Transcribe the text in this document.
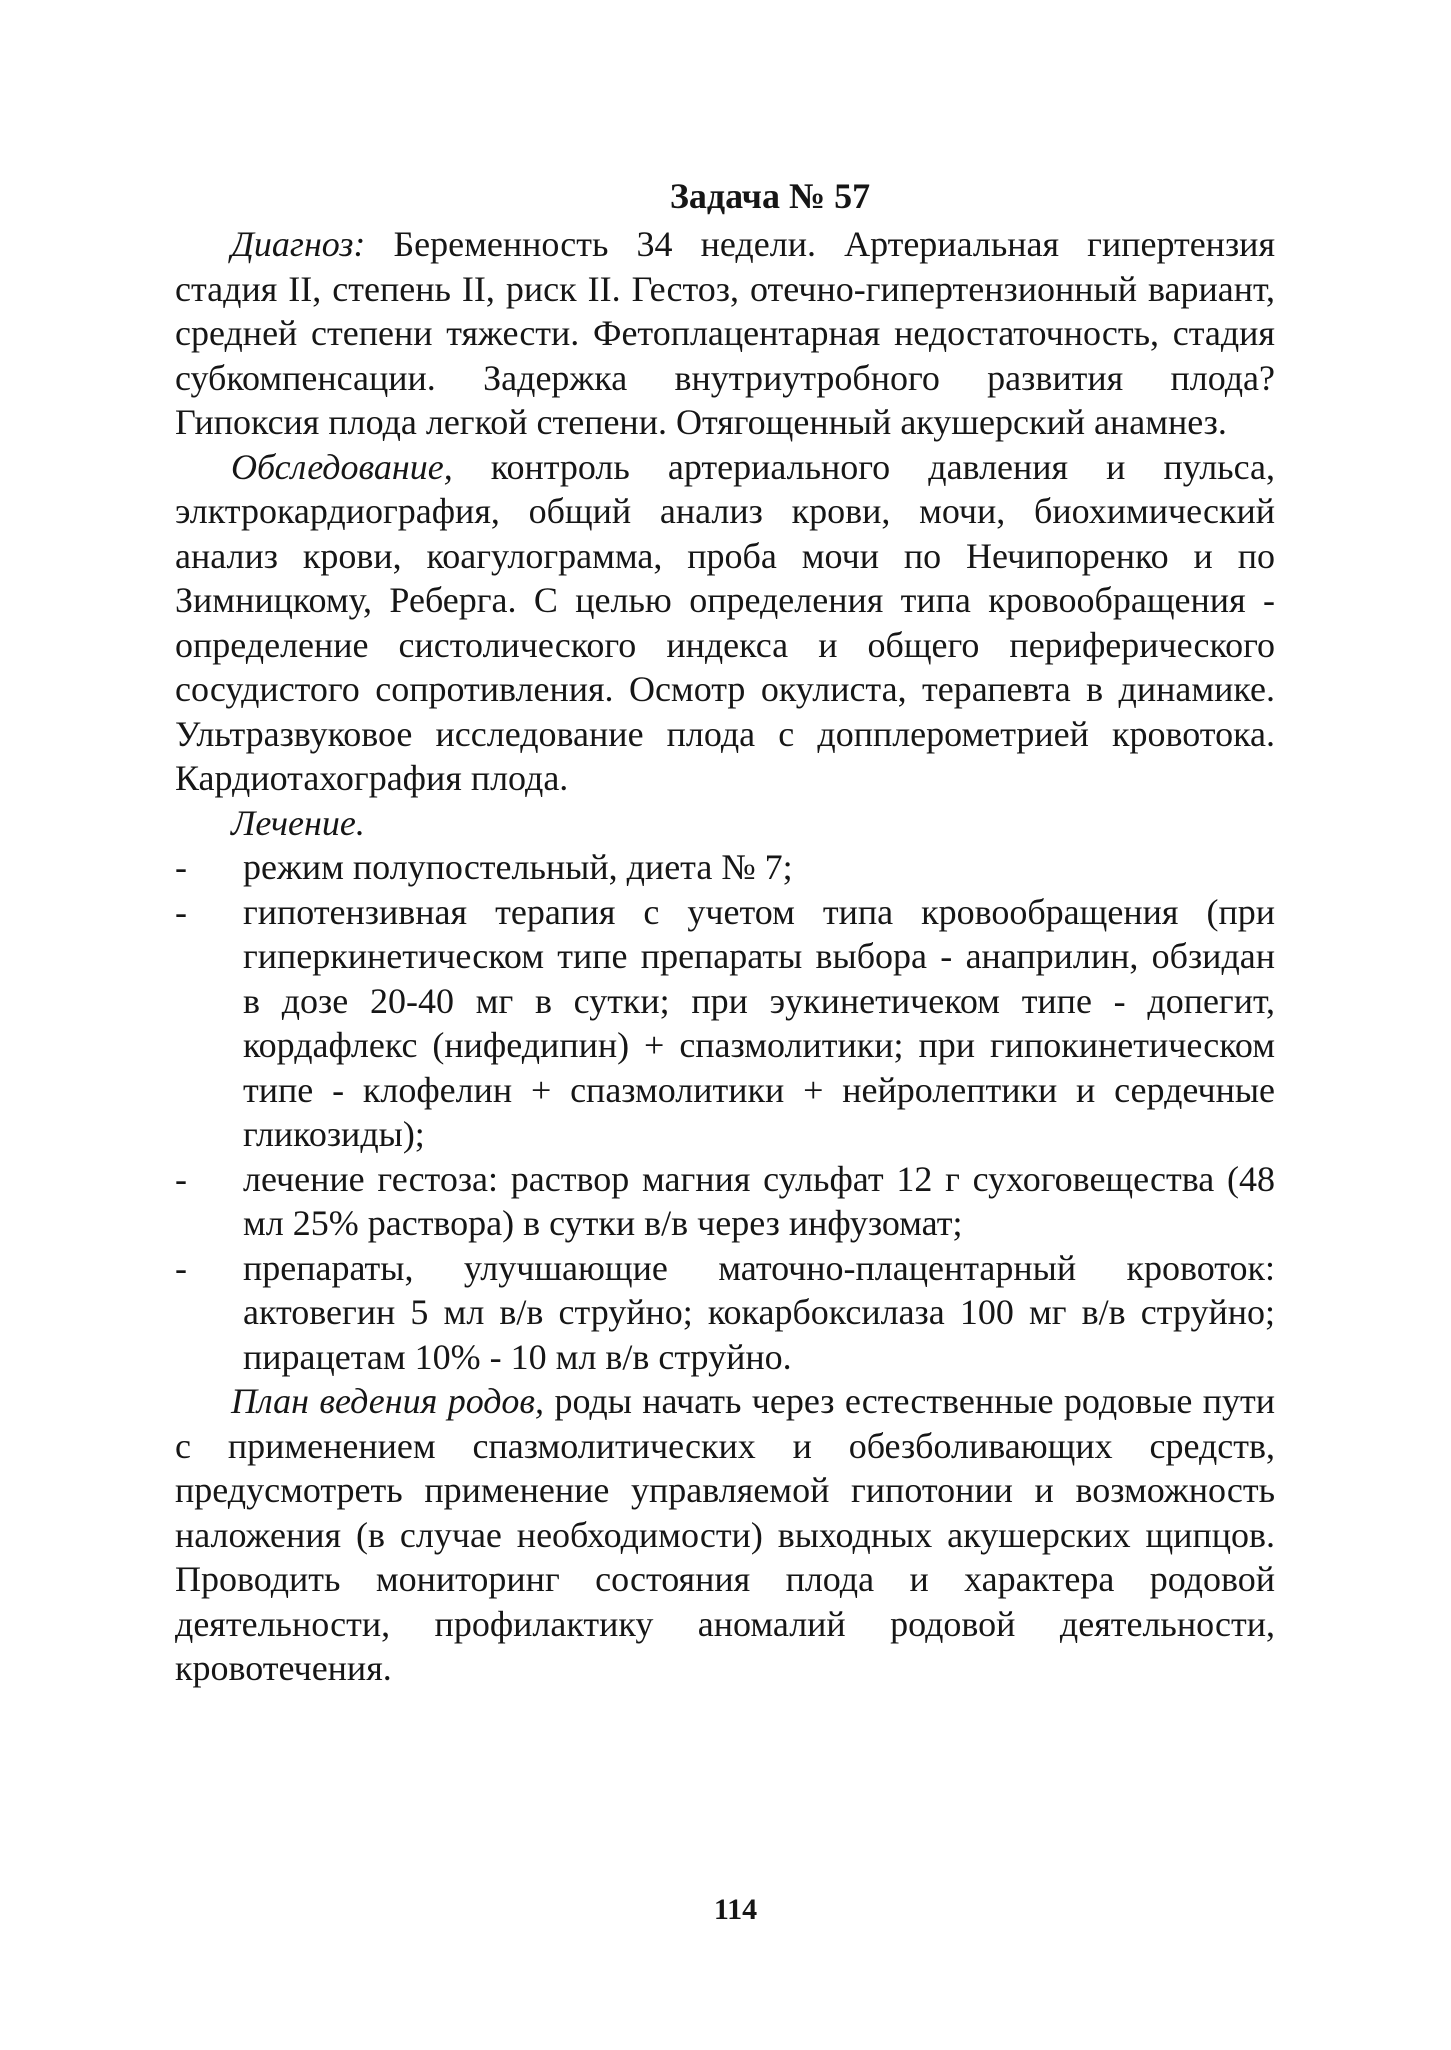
Задача № 57

Диагноз: Беременность 34 недели. Артериальная гипертензия стадия II, степень II, риск II. Гестоз, отечно-гипертензионный вариант, средней степени тяжести. Фетоплацентарная недостаточность, стадия субкомпенсации. Задержка внутриутробного развития плода? Гипоксия плода легкой степени. Отягощенный акушерский анамнез.

Обследование, контроль артериального давления и пульса, элктрокардиография, общий анализ крови, мочи, биохимический анализ крови, коагулограмма, проба мочи по Нечипоренко и по Зимницкому, Реберга. С целью определения типа кровообращения - определение систолического индекса и общего периферического сосудистого сопротивления. Осмотр окулиста, терапевта в динамике. Ультразвуковое исследование плода с допплерометрией кровотока. Кардиотахография плода.

Лечение.

- режим полупостельный, диета № 7;
- гипотензивная терапия с учетом типа кровообращения (при гиперкинетическом типе препараты выбора - анаприлин, обзидан в дозе 20-40 мг в сутки; при эукинетичеком типе - допегит, кордафлекс (нифедипин) + спазмолитики; при гипокинетическом типе - клофелин + спазмолитики + нейролептики и сердечные гликозиды);
- лечение гестоза: раствор магния сульфат 12 г сухоговещества (48 мл 25% раствора) в сутки в/в через инфузомат;
- препараты, улучшающие маточно-плацентарный кровоток: актовегин 5 мл в/в струйно; кокарбоксилаза 100 мг в/в струйно; пирацетам 10% - 10 мл в/в струйно.

План ведения родов, роды начать через естественные родовые пути с применением спазмолитических и обезболивающих средств, предусмотреть применение управляемой гипотонии и возможность наложения (в случае необходимости) выходных акушерских щипцов. Проводить мониторинг состояния плода и характера родовой деятельности, профилактику аномалий родовой деятельности, кровотечения.

114
